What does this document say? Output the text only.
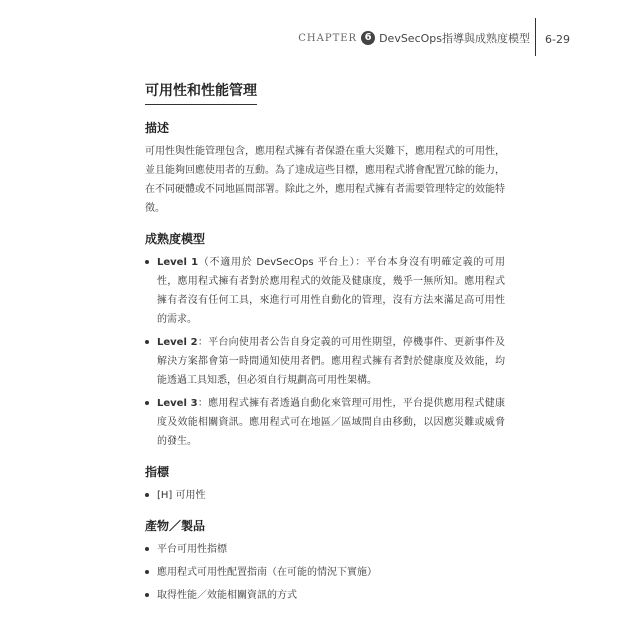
CHAPTER 6 DevSecOps指導與成熟度模型 6-29
可用性和性能管理
描述

可用性與性能管理包含，應用程式擁有者保證在重大災難下，應用程式的可用性，並且能夠回應使用者的互動。為了達成這些目標，應用程式將會配置冗餘的能力，在不同硬體或不同地區間部署。除此之外，應用程式擁有者需要管理特定的效能特徵。

成熟度模型
Level 1（不適用於 DevSecOps 平台上）：平台本身沒有明確定義的可用性，應用程式擁有者對於應用程式的效能及健康度，幾乎一無所知。應用程式擁有者沒有任何工具，來進行可用性自動化的管理，沒有方法來滿足高可用性的需求。
Level 2：平台向使用者公告自身定義的可用性期望，停機事件、更新事件及解決方案都會第一時間通知使用者們。應用程式擁有者對於健康度及效能，均能透過工具知悉，但必須自行規劃高可用性架構。
Level 3：應用程式擁有者透過自動化來管理可用性，平台提供應用程式健康度及效能相關資訊。應用程式可在地區／區域間自由移動，以因應災難或威脅的發生。
指標
[H] 可用性
產物／製品
平台可用性指標
應用程式可用性配置指南（在可能的情況下實施）
取得性能／效能相關資訊的方式
